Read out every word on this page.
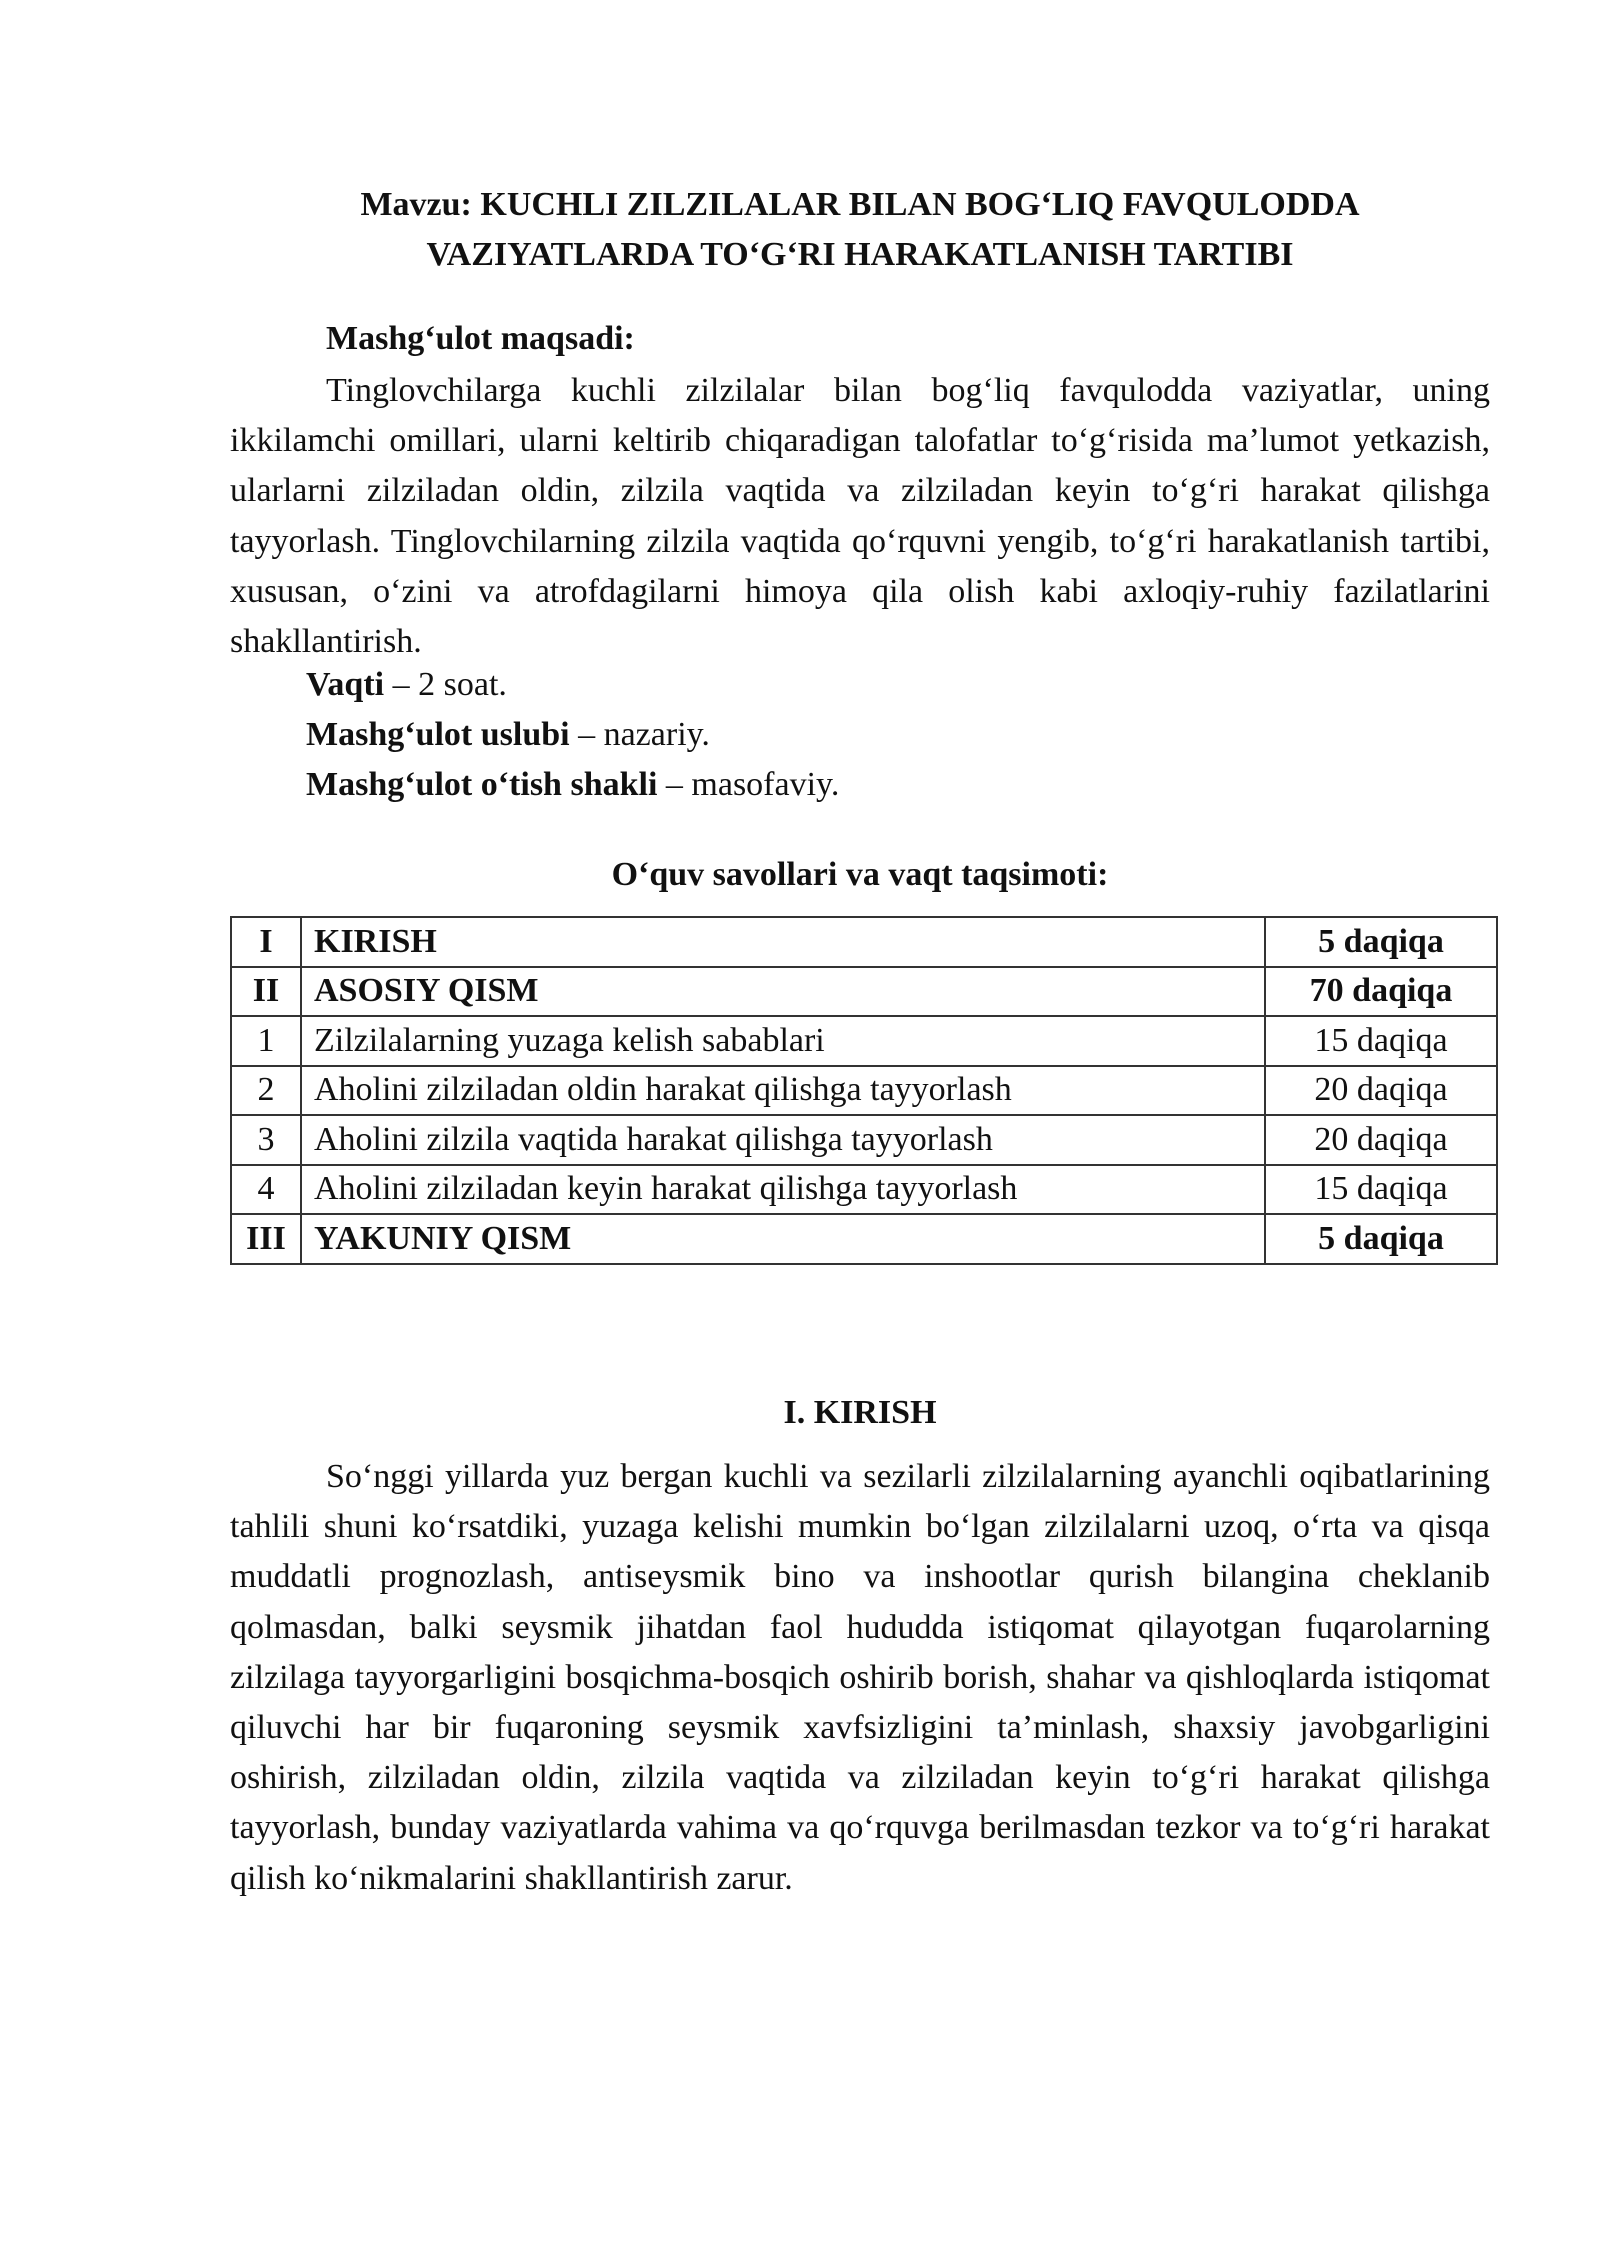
Mavzu: KUCHLI ZILZILALAR BILAN BOG‘LIQ FAVQULODDA
VAZIYATLARDA TO‘G‘RI HARAKATLANISH TARTIBI
Mashg‘ulot maqsadi:

Tinglovchilarga kuchli zilzilalar bilan bog‘liq favqulodda vaziyatlar, uning ikkilamchi omillari, ularni keltirib chiqaradigan talofatlar to‘g‘risida ma’lumot yetkazish, ularlarni zilziladan oldin, zilzila vaqtida va zilziladan keyin to‘g‘ri harakat qilishga tayyorlash. Tinglovchilarning zilzila vaqtida qo‘rquvni yengib, to‘g‘ri harakatlanish tartibi, xususan, o‘zini va atrofdagilarni himoya qila olish kabi axloqiy-ruhiy fazilatlarini shakllantirish.

Vaqti – 2 soat.
Mashg‘ulot uslubi – nazariy.
Mashg‘ulot o‘tish shakli – masofaviy.
O‘quv savollari va vaqt taqsimoti:
I	KIRISH	5 daqiqa
II	ASOSIY QISM	70 daqiqa
1	Zilzilalarning yuzaga kelish sabablari	15 daqiqa
2	Aholini zilziladan oldin harakat qilishga tayyorlash	20 daqiqa
3	Aholini zilzila vaqtida harakat qilishga tayyorlash	20 daqiqa
4	Aholini zilziladan keyin harakat qilishga tayyorlash	15 daqiqa
III	YAKUNIY QISM	5 daqiqa
I. KIRISH

So‘nggi yillarda yuz bergan kuchli va sezilarli zilzilalarning ayanchli oqibatlarining tahlili shuni ko‘rsatdiki, yuzaga kelishi mumkin bo‘lgan zilzilalarni uzoq, o‘rta va qisqa muddatli prognozlash, antiseysmik bino va inshootlar qurish bilangina cheklanib qolmasdan, balki seysmik jihatdan faol hududda istiqomat qilayotgan fuqarolarning zilzilaga tayyorgarligini bosqichma-bosqich oshirib borish, shahar va qishloqlarda istiqomat qiluvchi har bir fuqaroning seysmik xavfsizligini ta’minlash, shaxsiy javobgarligini oshirish, zilziladan oldin, zilzila vaqtida va zilziladan keyin to‘g‘ri harakat qilishga tayyorlash, bunday vaziyatlarda vahima va qo‘rquvga berilmasdan tezkor va to‘g‘ri harakat qilish ko‘nikmalarini shakllantirish zarur.
